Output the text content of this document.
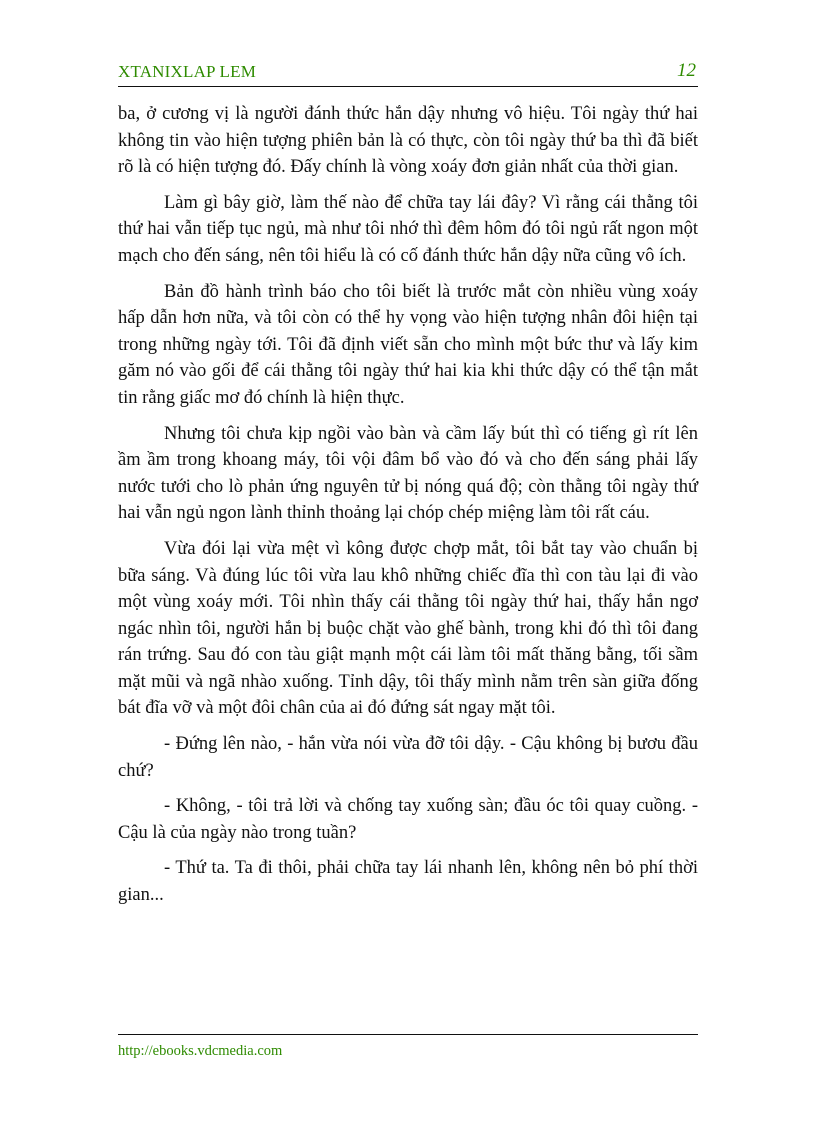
XTANIXLAP LEM	12

ba, ở cương vị là người đánh thức hắn dậy nhưng vô hiệu. Tôi ngày thứ hai không tin vào hiện tượng phiên bản là có thực, còn tôi ngày thứ ba thì đã biết rõ là có hiện tượng đó. Đấy chính là vòng xoáy đơn giản nhất của thời gian.

Làm gì bây giờ, làm thế nào để chữa tay lái đây? Vì rằng cái thằng tôi thứ hai vẫn tiếp tục ngủ, mà như tôi nhớ thì đêm hôm đó tôi ngủ rất ngon một mạch cho đến sáng, nên tôi hiểu là có cố đánh thức hắn dậy nữa cũng vô ích.

Bản đồ hành trình báo cho tôi biết là trước mắt còn nhiều vùng xoáy hấp dẫn hơn nữa, và tôi còn có thể hy vọng vào hiện tượng nhân đôi hiện tại trong những ngày tới. Tôi đã định viết sẵn cho mình một bức thư và lấy kim găm nó vào gối để cái thằng tôi ngày thứ hai kia khi thức dậy có thể tận mắt tin rằng giấc mơ đó chính là hiện thực.

Nhưng tôi chưa kịp ngồi vào bàn và cầm lấy bút thì có tiếng gì rít lên ầm ầm trong khoang máy, tôi vội đâm bổ vào đó và cho đến sáng phải lấy nước tưới cho lò phản ứng nguyên tử bị nóng quá độ; còn thằng tôi ngày thứ hai vẫn ngủ ngon lành thỉnh thoảng lại chóp chép miệng làm tôi rất cáu.

Vừa đói lại vừa mệt vì kông được chợp mắt, tôi bắt tay vào chuẩn bị bữa sáng. Và đúng lúc tôi vừa lau khô những chiếc đĩa thì con tàu lại đi vào một vùng xoáy mới. Tôi nhìn thấy cái thằng tôi ngày thứ hai, thấy hắn ngơ ngác nhìn tôi, người hắn bị buộc chặt vào ghế bành, trong khi đó thì tôi đang rán trứng. Sau đó con tàu giật mạnh một cái làm tôi mất thăng bằng, tối sầm mặt mũi và ngã nhào xuống. Tỉnh dậy, tôi thấy mình nằm trên sàn giữa đống bát đĩa vỡ và một đôi chân của ai đó đứng sát ngay mặt tôi.

- Đứng lên nào, - hắn vừa nói vừa đỡ tôi dậy. - Cậu không bị bươu đầu chứ?

- Không, - tôi trả lời và chống tay xuống sàn; đầu óc tôi quay cuồng. - Cậu là của ngày nào trong tuần?

- Thứ ta. Ta đi thôi, phải chữa tay lái nhanh lên, không nên bỏ phí thời gian...

http://ebooks.vdcmedia.com
